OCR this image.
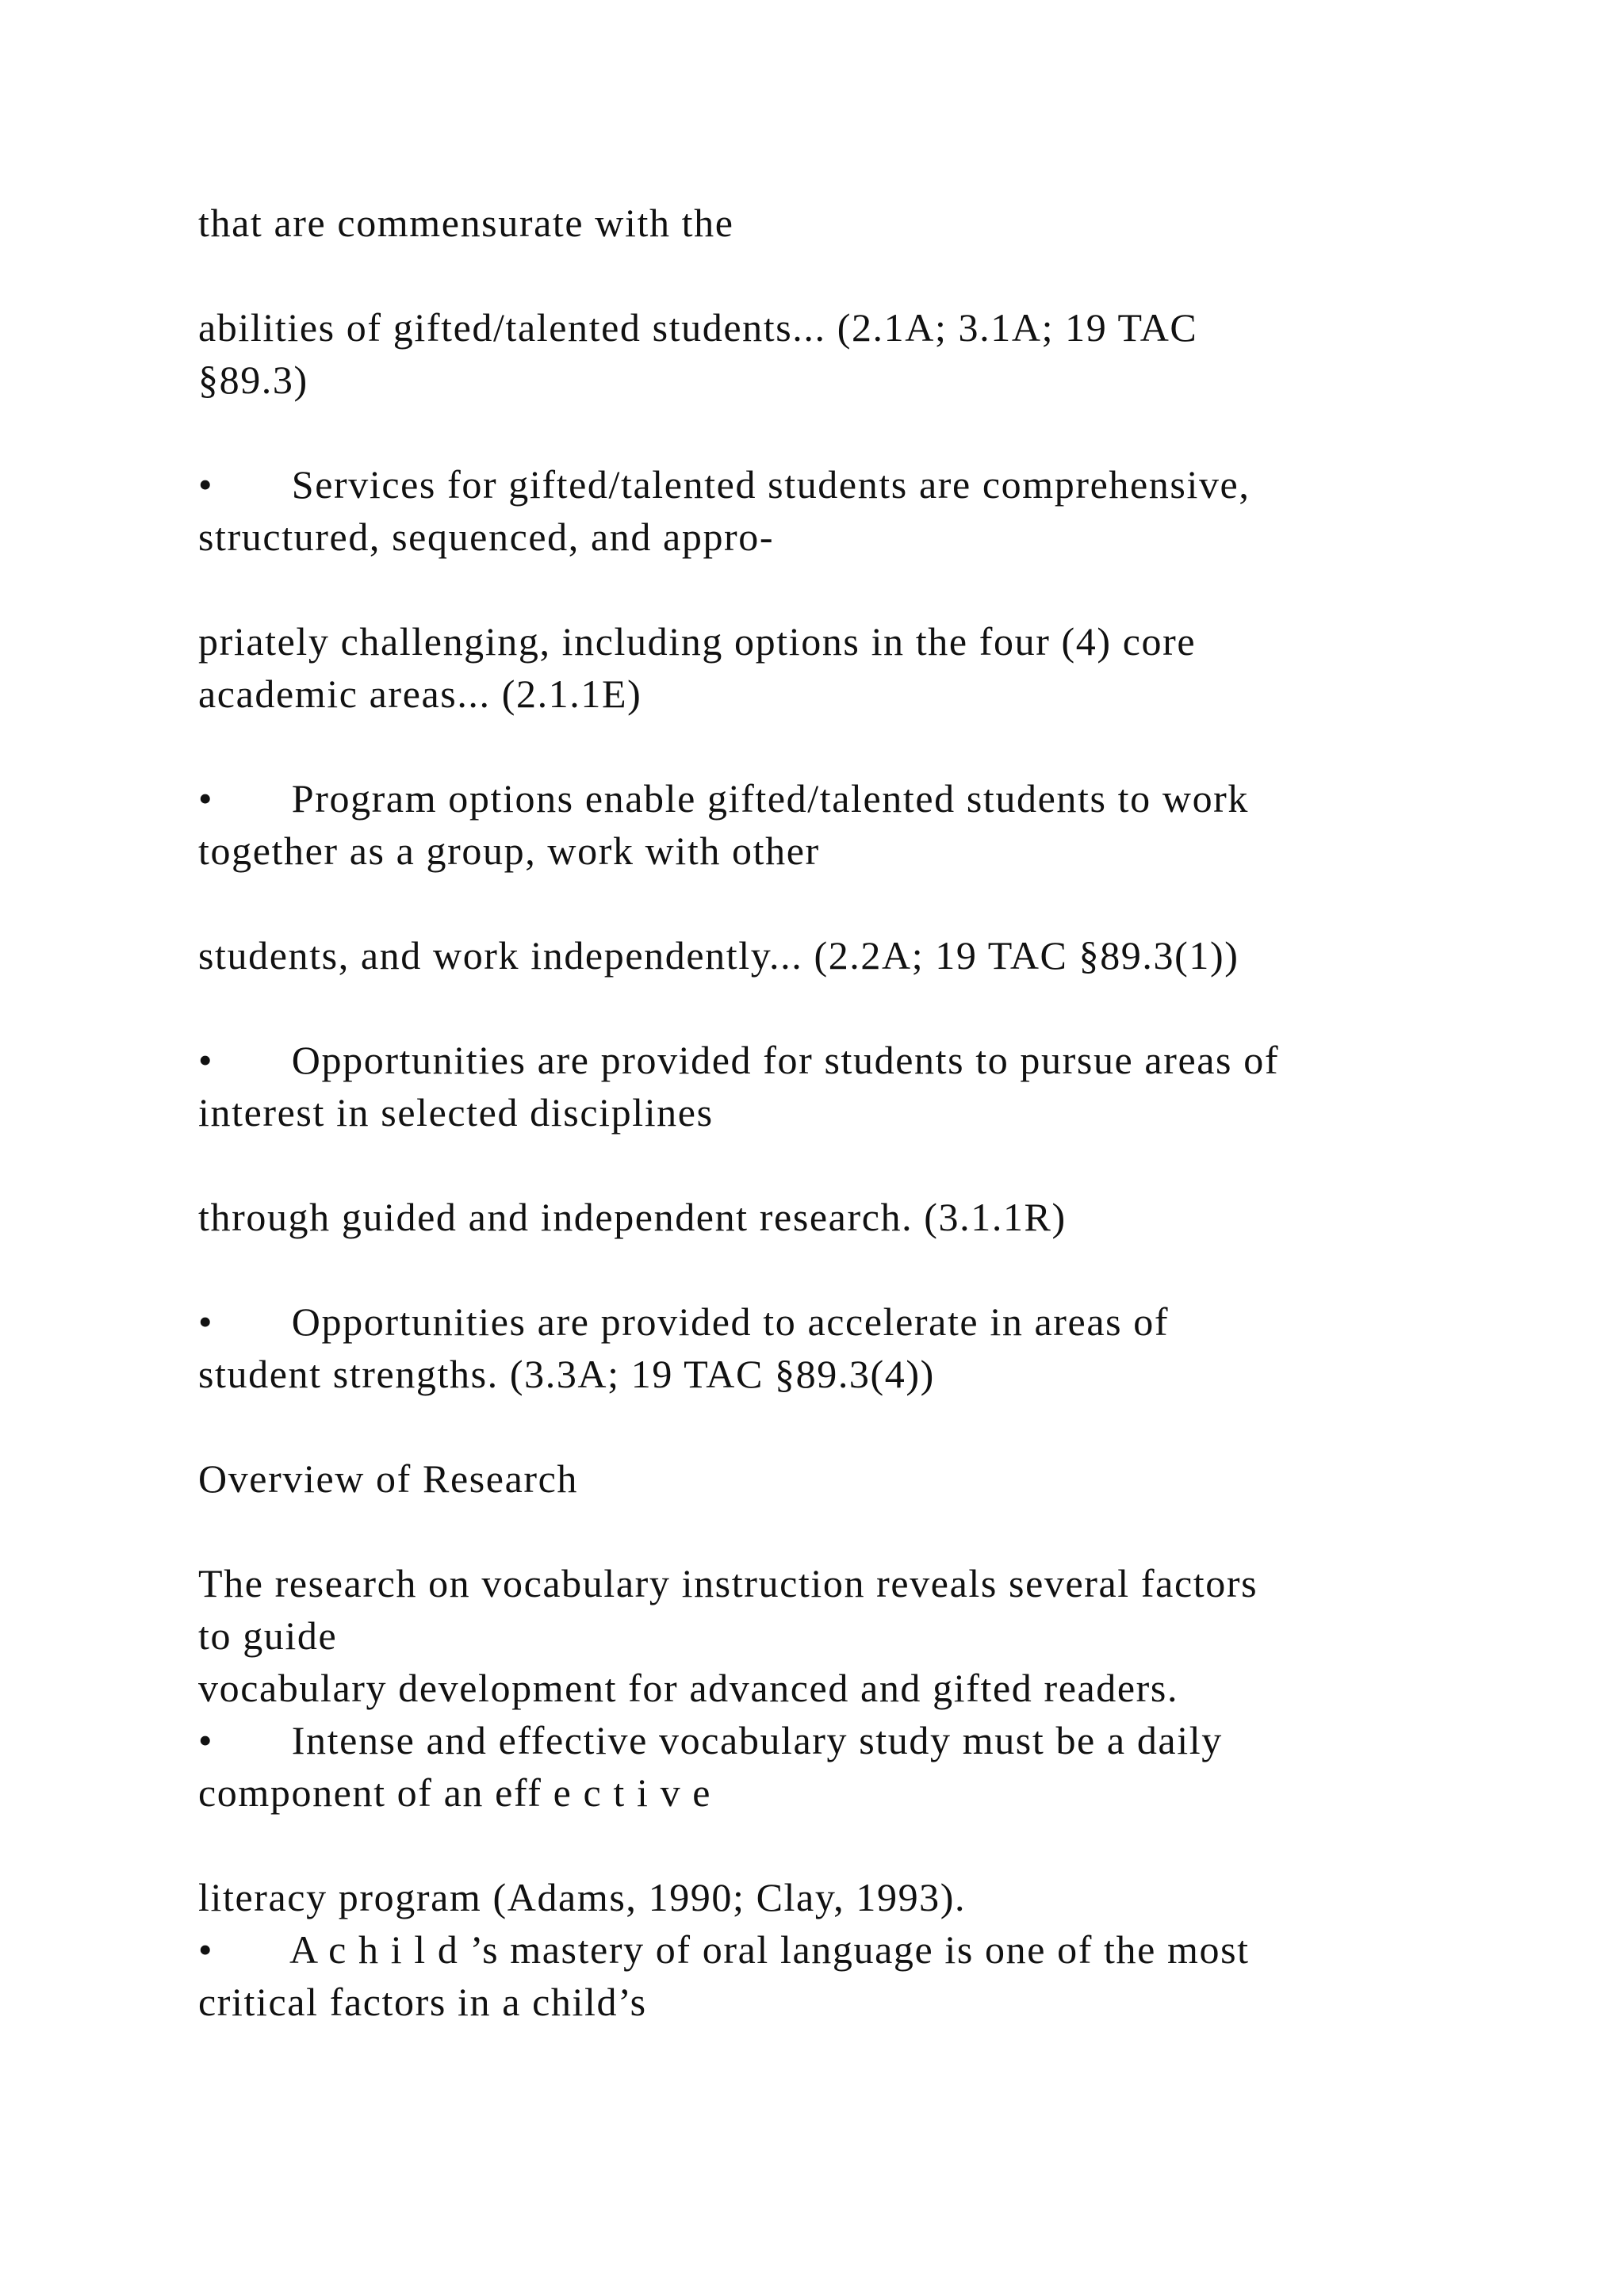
that are commensurate with the

abilities of gifted/talented students... (2.1A; 3.1A; 19 TAC

§89.3)

•       Services for gifted/talented students are comprehensive,

structured, sequenced, and appro-

priately challenging, including options in the four (4) core

academic areas... (2.1.1E)

•       Program options enable gifted/talented students to work

together as a group, work with other

students, and work independently... (2.2A; 19 TAC §89.3(1))

•       Opportunities are provided for students to pursue areas of

interest in selected disciplines

through guided and independent research. (3.1.1R)

•       Opportunities are provided to accelerate in areas of

student strengths. (3.3A; 19 TAC §89.3(4))

Overview of Research

The research on vocabulary instruction reveals several factors

to guide

vocabulary development for advanced and gifted readers.

•       Intense and effective vocabulary study must be a daily

component of an eff e c t i v e

literacy program (Adams, 1990; Clay, 1993).

•       A c h i l d ’s mastery of oral language is one of the most

critical factors in a child’s
